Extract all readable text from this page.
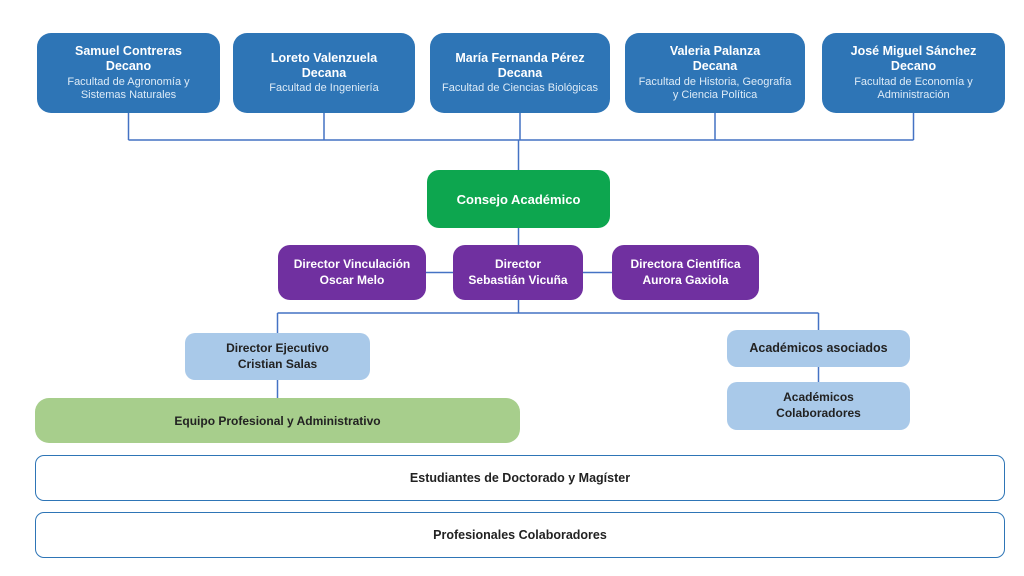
Samuel Contreras
Decano
Facultad de Agronomía y Sistemas Naturales
Loreto Valenzuela
Decana
Facultad de Ingeniería
María Fernanda Pérez
Decana
Facultad de Ciencias Biológicas
Valeria Palanza
Decana
Facultad de Historia, Geografía y Ciencia Política
José Miguel Sánchez
Decano
Facultad de Economía y Administración
Consejo Académico
Director Vinculación
Oscar Melo
Director
Sebastián Vicuña
Directora Científica
Aurora Gaxiola
Director Ejecutivo
Cristian Salas
Académicos asociados
Académicos Colaboradores
Equipo Profesional y Administrativo
Estudiantes de Doctorado y Magíster
Profesionales Colaboradores
